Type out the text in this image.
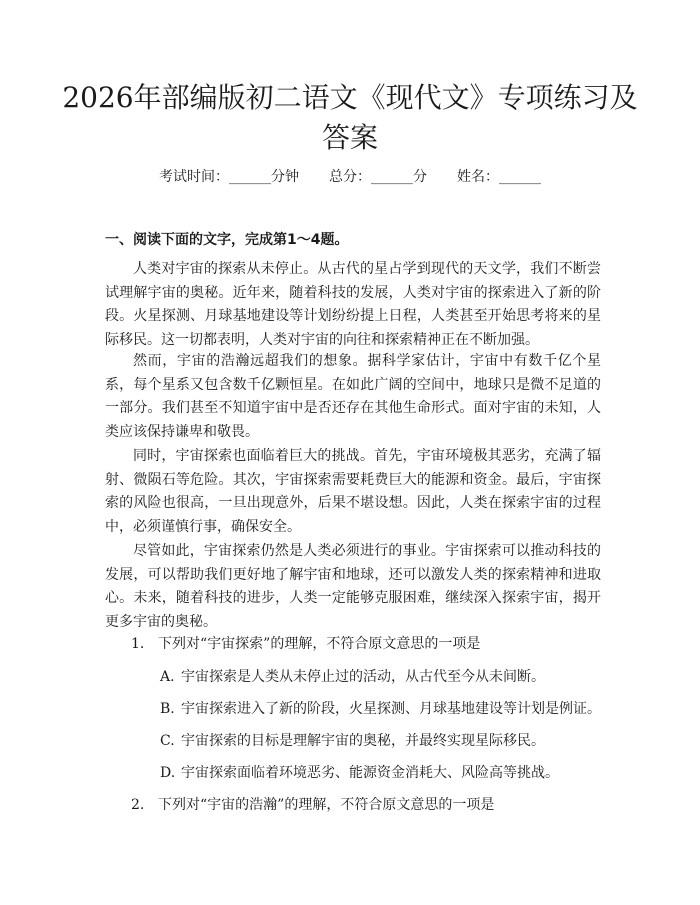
2026年部编版初二语文《现代文》专项练习及答案
考试时间：______分钟 总分：______分 姓名：______
一、阅读下面的文字，完成第1～4题。

人类对宇宙的探索从未停止。从古代的星占学到现代的天文学，我们不断尝试理解宇宙的奥秘。近年来，随着科技的发展，人类对宇宙的探索进入了新的阶段。火星探测、月球基地建设等计划纷纷提上日程，人类甚至开始思考将来的星际移民。这一切都表明，人类对宇宙的向往和探索精神正在不断加强。

然而，宇宙的浩瀚远超我们的想象。据科学家估计，宇宙中有数千亿个星系，每个星系又包含数千亿颗恒星。在如此广阔的空间中，地球只是微不足道的一部分。我们甚至不知道宇宙中是否还存在其他生命形式。面对宇宙的未知，人类应该保持谦卑和敬畏。

同时，宇宙探索也面临着巨大的挑战。首先，宇宙环境极其恶劣，充满了辐射、微陨石等危险。其次，宇宙探索需要耗费巨大的能源和资金。最后，宇宙探索的风险也很高，一旦出现意外，后果不堪设想。因此，人类在探索宇宙的过程中，必须谨慎行事，确保安全。

尽管如此，宇宙探索仍然是人类必须进行的事业。宇宙探索可以推动科技的发展，可以帮助我们更好地了解宇宙和地球，还可以激发人类的探索精神和进取心。未来，随着科技的进步，人类一定能够克服困难，继续深入探索宇宙，揭开更多宇宙的奥秘。

1. 下列对“宇宙探索”的理解，不符合原文意思的一项是

A. 宇宙探索是人类从未停止过的活动，从古代至今从未间断。

B. 宇宙探索进入了新的阶段，火星探测、月球基地建设等计划是例证。

C. 宇宙探索的目标是理解宇宙的奥秘，并最终实现星际移民。

D. 宇宙探索面临着环境恶劣、能源资金消耗大、风险高等挑战。

2. 下列对“宇宙的浩瀚”的理解，不符合原文意思的一项是
